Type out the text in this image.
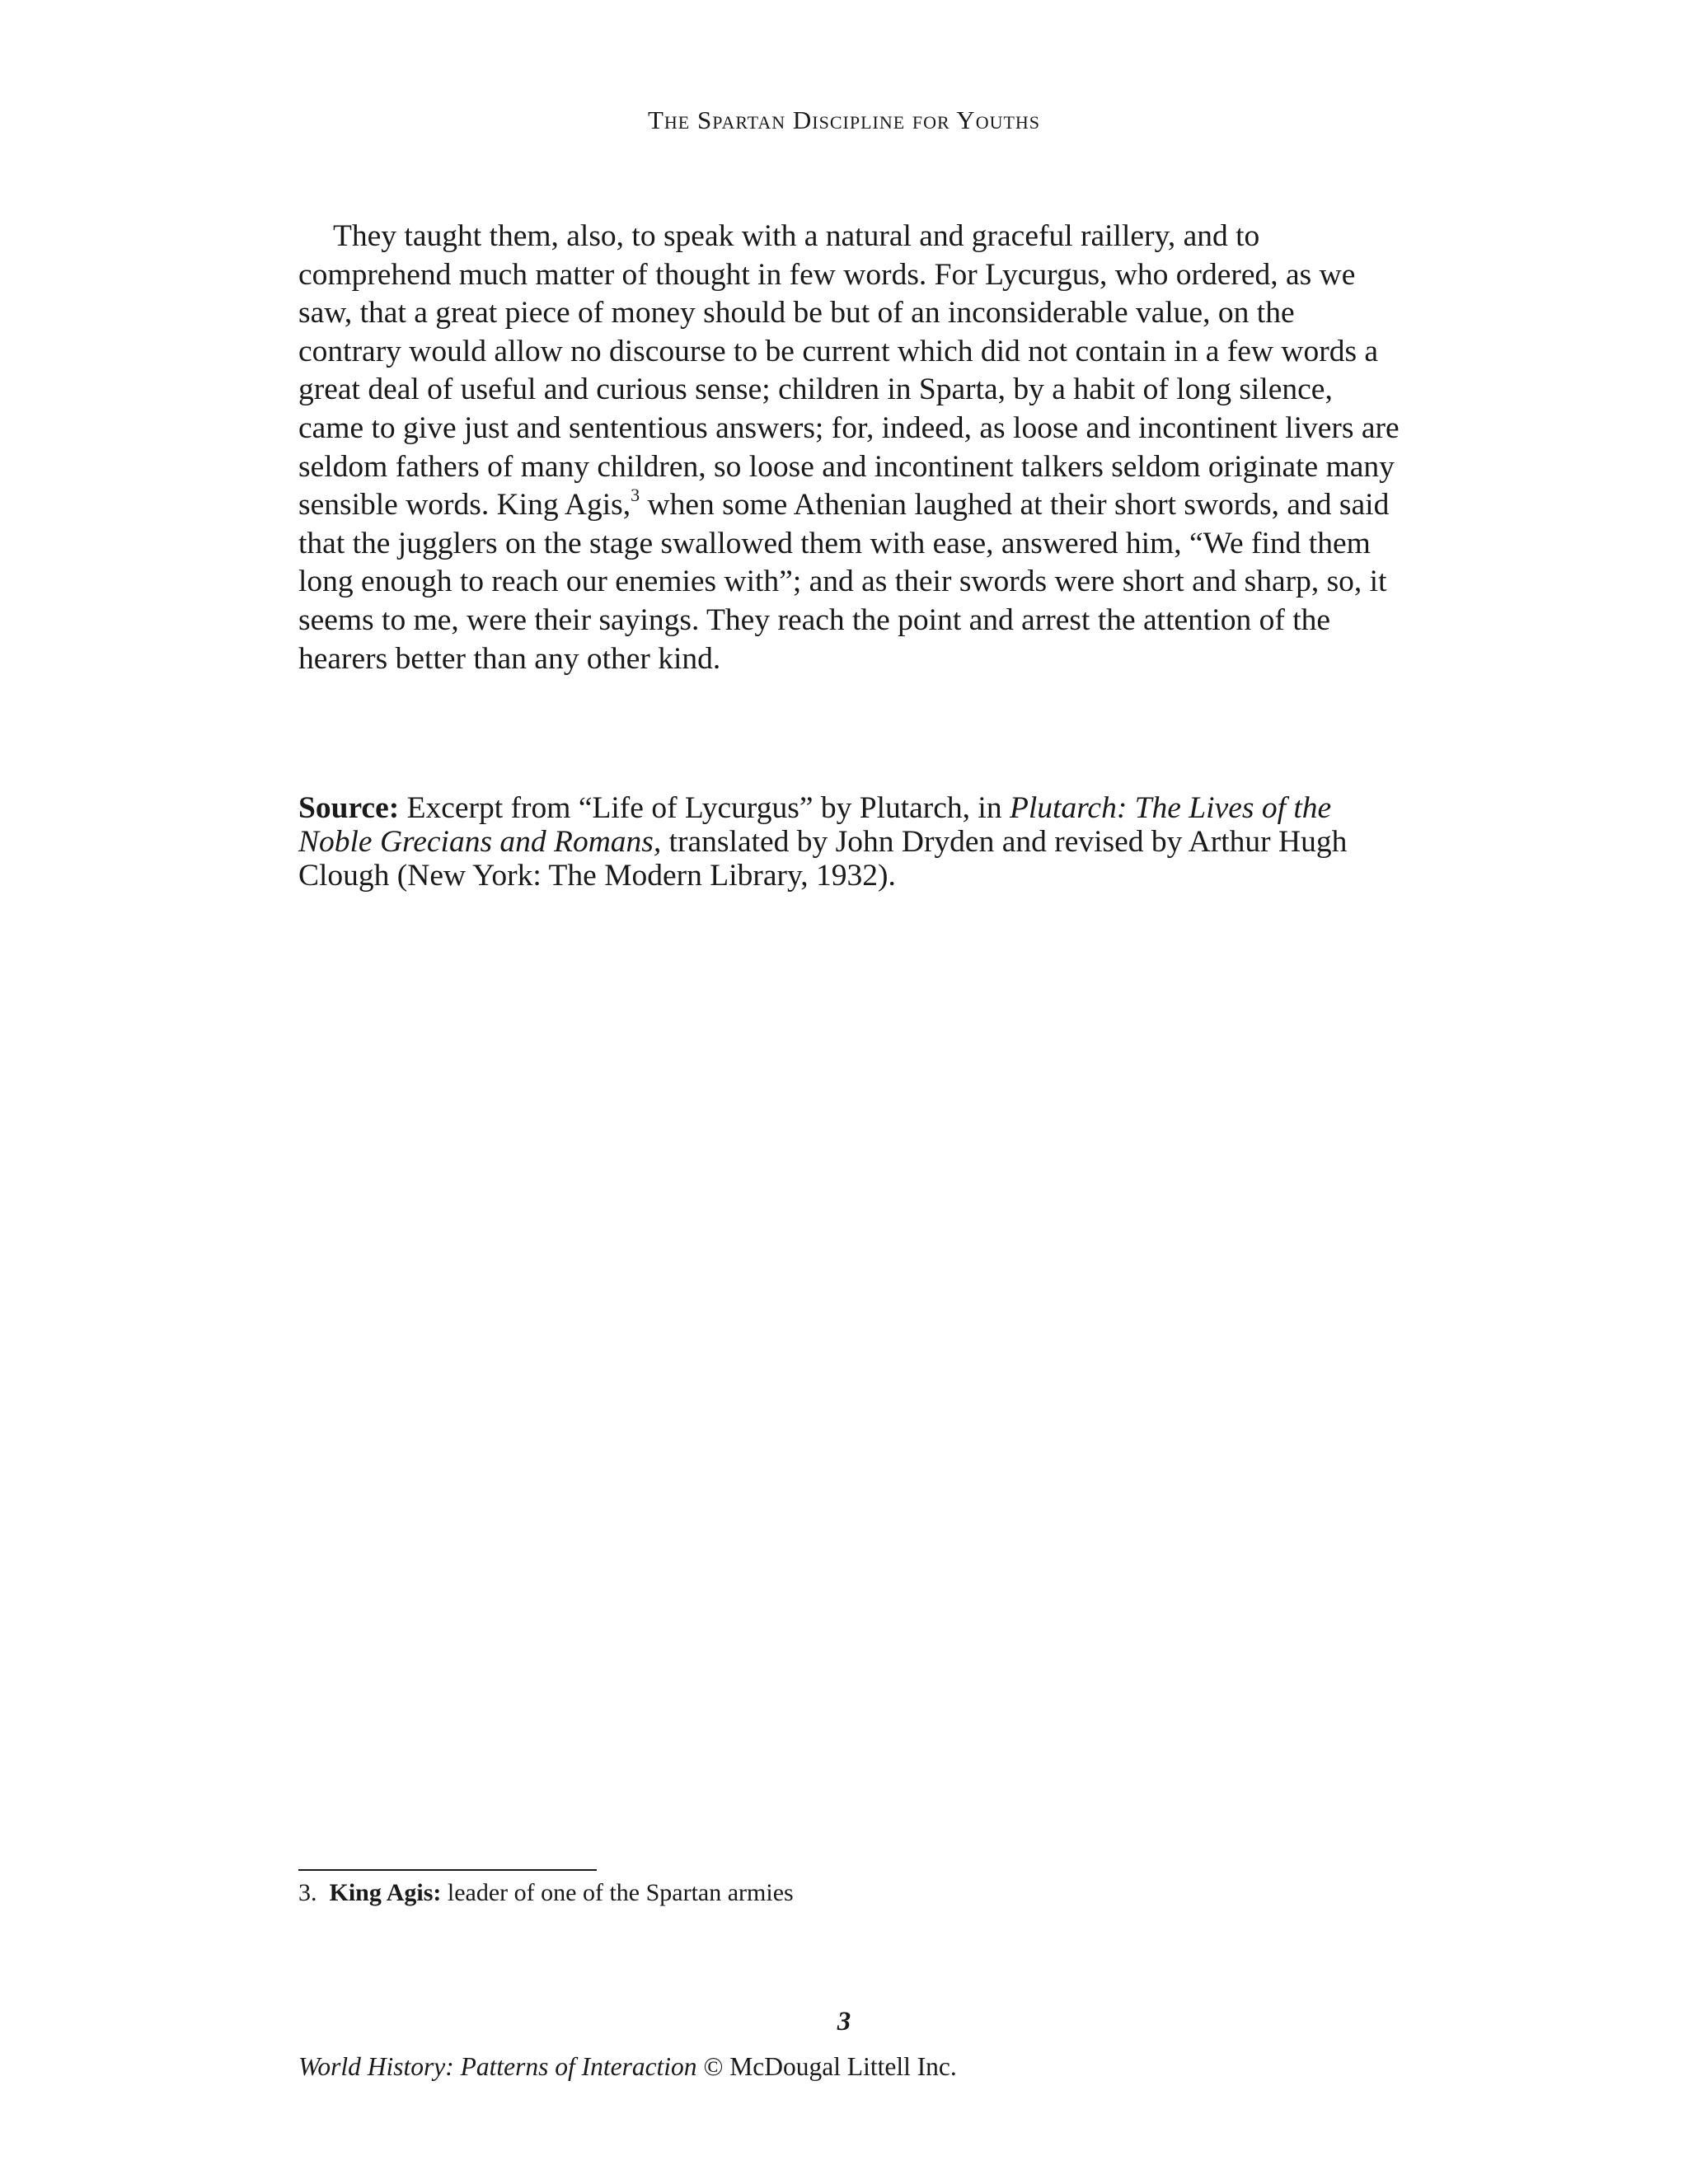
The Spartan Discipline for Youths

They taught them, also, to speak with a natural and graceful raillery, and to comprehend much matter of thought in few words. For Lycurgus, who ordered, as we saw, that a great piece of money should be but of an inconsiderable value, on the contrary would allow no discourse to be current which did not contain in a few words a great deal of useful and curious sense; children in Sparta, by a habit of long silence, came to give just and sententious answers; for, indeed, as loose and incontinent livers are seldom fathers of many children, so loose and incontinent talkers seldom originate many sensible words. King Agis,$^3$ when some Athenian laughed at their short swords, and said that the jugglers on the stage swallowed them with ease, answered him, “We find them long enough to reach our enemies with”; and as their swords were short and sharp, so, it seems to me, were their sayings. They reach the point and arrest the attention of the hearers better than any other kind.

Source: Excerpt from “Life of Lycurgus” by Plutarch, in Plutarch: The Lives of the Noble Grecians and Romans, translated by John Dryden and revised by Arthur Hugh Clough (New York: The Modern Library, 1932).

3. King Agis: leader of one of the Spartan armies

3
World History: Patterns of Interaction © McDougal Littell Inc.
